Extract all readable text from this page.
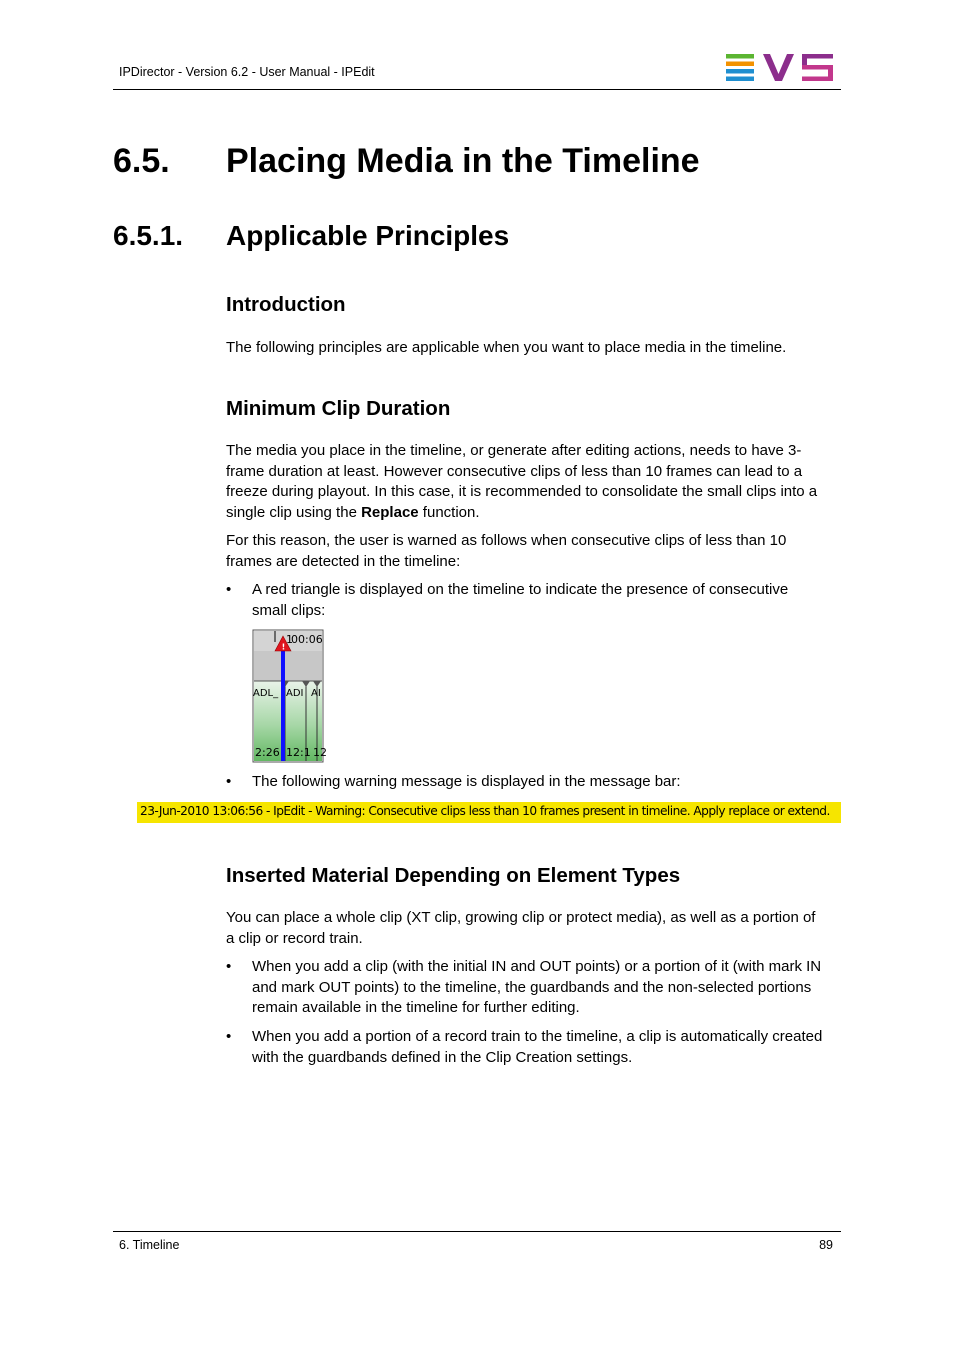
IPDirector - Version 6.2 - User Manual - IPEdit
6.5. Placing Media in the Timeline
6.5.1. Applicable Principles
Introduction

The following principles are applicable when you want to place media in the timeline.

Minimum Clip Duration

The media you place in the timeline, or generate after editing actions, needs to have 3-

frame duration at least. However consecutive clips of less than 10 frames can lead to a

freeze during playout. In this case, it is recommended to consolidate the small clips into a

single clip using the Replace function.

For this reason, the user is warned as follows when consecutive clips of less than 10

frames are detected in the timeline:

• A red triangle is displayed on the timeline to indicate the presence of consecutive
small clips:
1
00:06
ADL_ ADI AI
2:26 12:1 12
!
• The following warning message is displayed in the message bar:
23-Jun-2010 13:06:56 - IpEdit - Warning: Consecutive clips less than 10 frames present in timeline. Apply replace or extend.
Inserted Material Depending on Element Types

You can place a whole clip (XT clip, growing clip or protect media), as well as a portion of

a clip or record train.

• When you add a clip (with the initial IN and OUT points) or a portion of it (with mark IN
and mark OUT points) to the timeline, the guardbands and the non-selected portions
remain available in the timeline for further editing.
• When you add a portion of a record train to the timeline, a clip is automatically created
with the guardbands defined in the Clip Creation settings.
6. Timeline	89
